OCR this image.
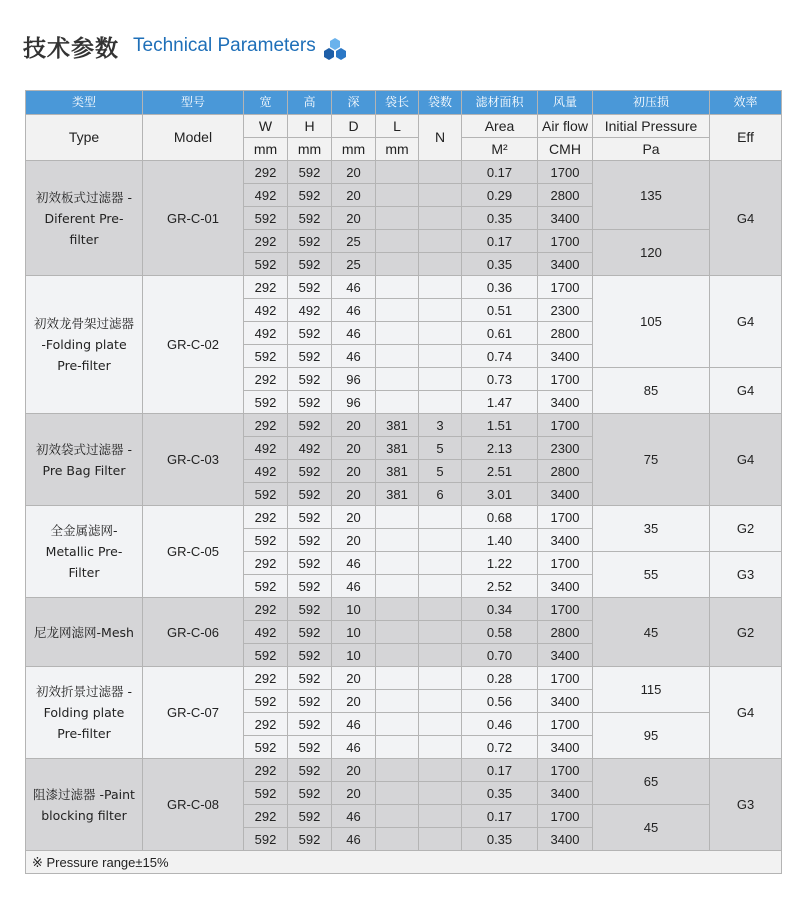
技术参数 Technical Parameters
类型	型号	宽	高	深	袋长	袋数	滤材面积	风量	初压损	效率
Type	Model	W	H	D	L	N	Area	Air flow	Initial Pressure	Eff
		mm	mm	mm	mm		M²	CMH	Pa	
初效板式过滤器 -Diferent Pre-filter	GR-C-01	292	592	20			0.17	1700	135	G4
		492	592	20			0.29	2800		
		592	592	20			0.35	3400		
		292	592	25			0.17	1700	120	
		592	592	25			0.35	3400		
初效龙骨架过滤器 -Folding plate Pre-filter	GR-C-02	292	592	46			0.36	1700	105	G4
		492	492	46			0.51	2300		
		492	592	46			0.61	2800		
		592	592	46			0.74	3400		
		292	592	96			0.73	1700	85	G4
		592	592	96			1.47	3400		
初效袋式过滤器 -Pre Bag Filter	GR-C-03	292	592	20	381	3	1.51	1700	75	G4
		492	492	20	381	5	2.13	2300		
		492	592	20	381	5	2.51	2800		
		592	592	20	381	6	3.01	3400		
全金属滤网-Metallic Pre-Filter	GR-C-05	292	592	20			0.68	1700	35	G2
		592	592	20			1.40	3400		
		292	592	46			1.22	1700	55	G3
		592	592	46			2.52	3400		
尼龙网滤网-Mesh	GR-C-06	292	592	10			0.34	1700	45	G2
		492	592	10			0.58	2800		
		592	592	10			0.70	3400		
初效折景过滤器 -Folding plate Pre-filter	GR-C-07	292	592	20			0.28	1700	115	G4
		592	592	20			0.56	3400		
		292	592	46			0.46	1700	95	
		592	592	46			0.72	3400		
阻漆过滤器 -Paint blocking filter	GR-C-08	292	592	20			0.17	1700	65	G3
		592	592	20			0.35	3400		
		292	592	46			0.17	1700	45	
		592	592	46			0.35	3400		
※ Pressure range±15%										
